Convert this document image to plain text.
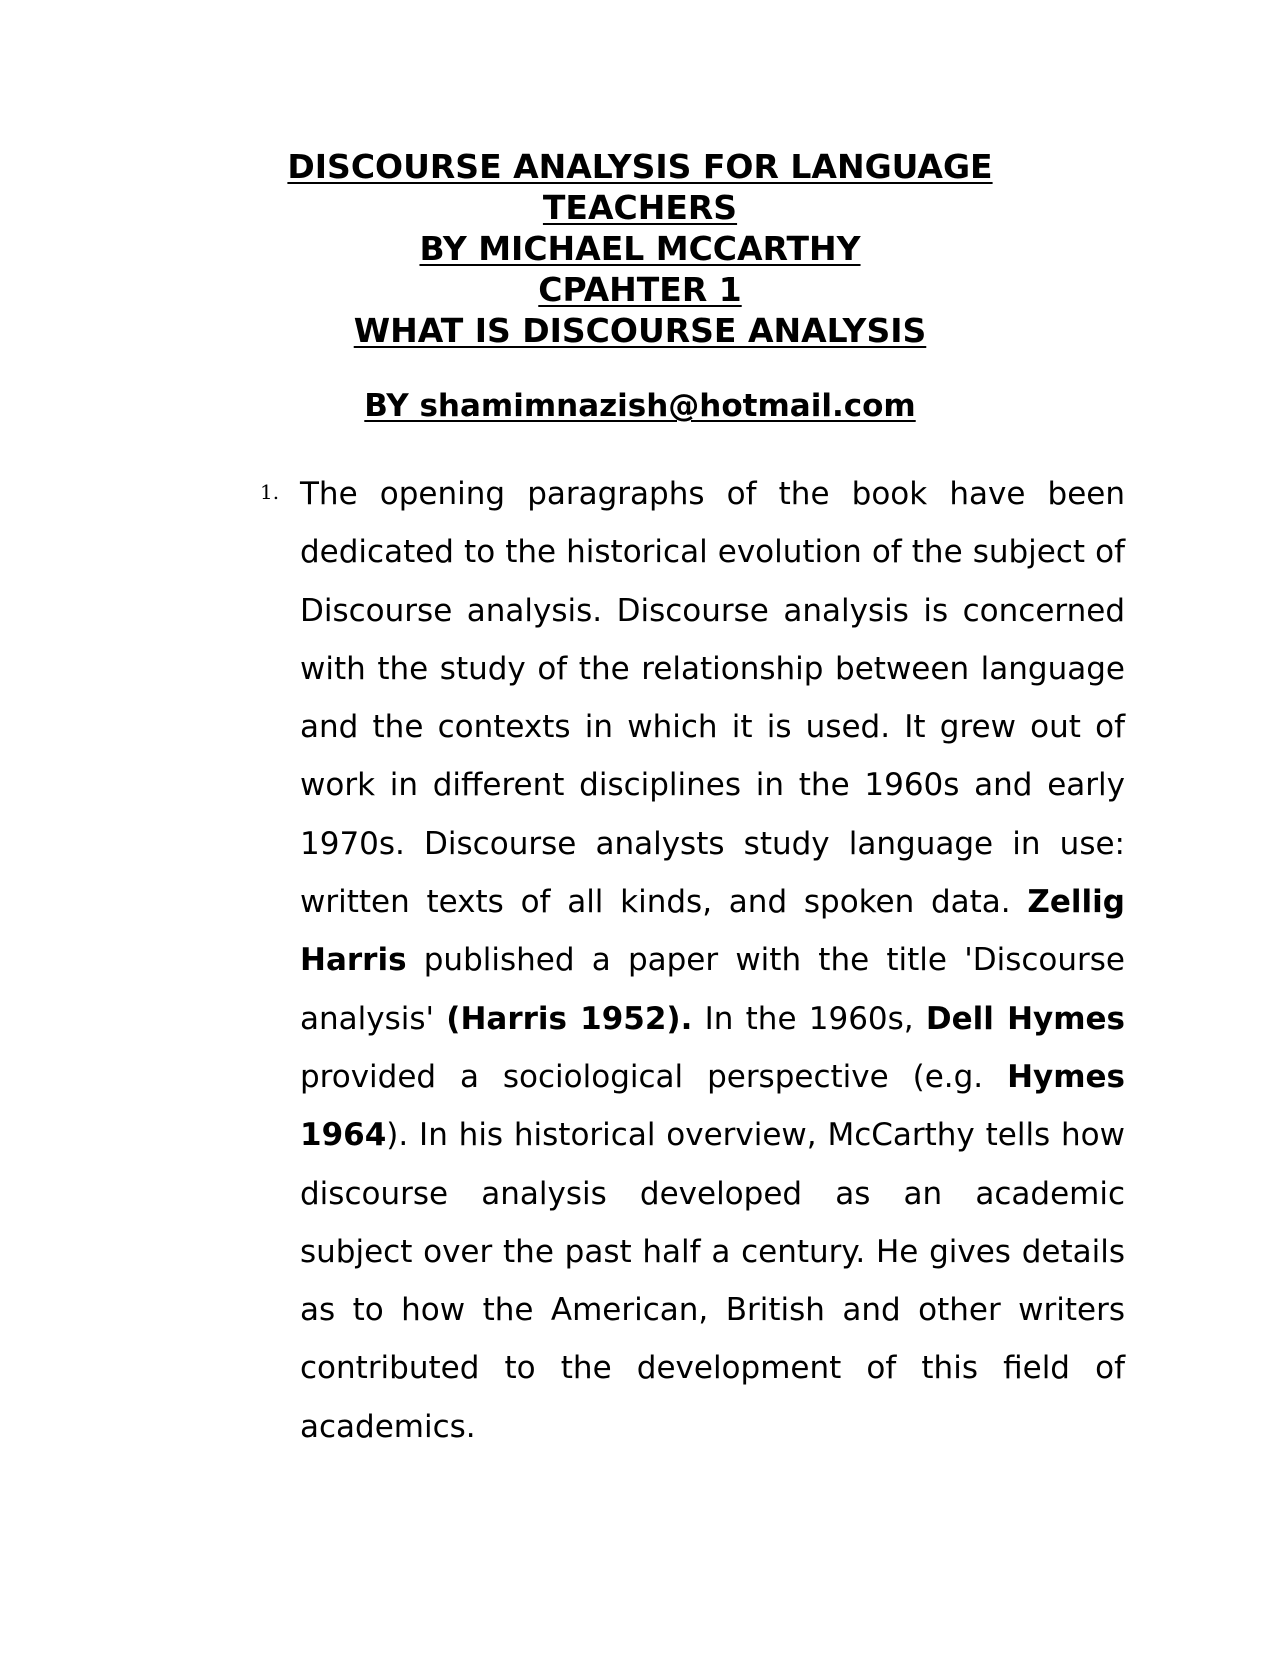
DISCOURSE ANALYSIS FOR LANGUAGE
TEACHERS
BY MICHAEL MCCARTHY
CPAHTER 1
WHAT IS DISCOURSE ANALYSIS
BY shamimnazish@hotmail.com
1. The opening paragraphs of the book have been dedicated to the historical evolution of the subject of Discourse analysis. Discourse analysis is concerned with the study of the relationship between language and the contexts in which it is used. It grew out of work in different disciplines in the 1960s and early 1970s. Discourse analysts study language in use: written texts of all kinds, and spoken data. Zellig Harris published a paper with the title 'Discourse analysis' (Harris 1952). In the 1960s, Dell Hymes provided a sociological perspective (e.g. Hymes 1964). In his historical overview, McCarthy tells how discourse analysis developed as an academic subject over the past half a century. He gives details as to how the American, British and other writers contributed to the development of this field of academics.
